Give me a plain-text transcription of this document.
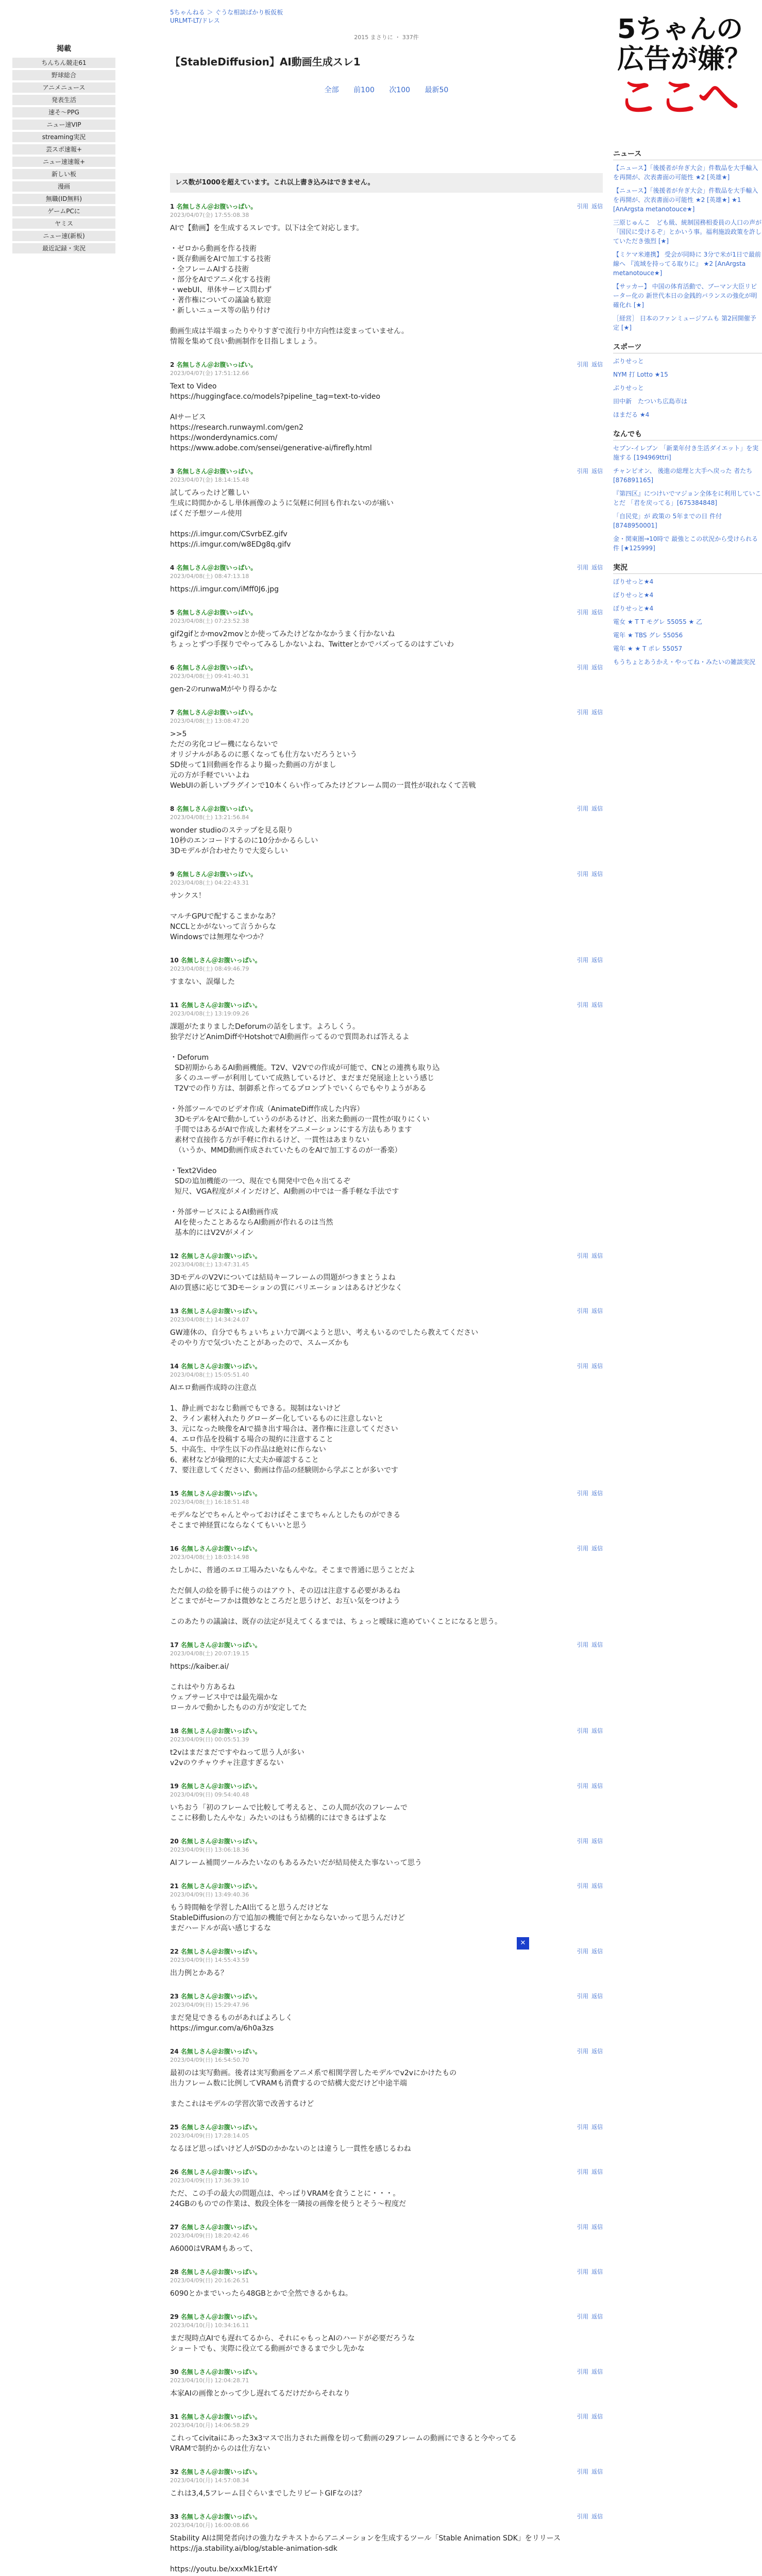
掲載
ちんちん競走61
野球総合
アニメニュース
発表生活
速そ～PPG
ニュー速VIP
streaming実況
芸スポ速報+
ニュー速速報+
新しい板
漫画
無職(ID無料)
ゲームPCに
ヤミス
ニュー速(新板)
最近記録・実況
5ちゃんねる ＞ ぐうな相談ばかり板仮板
URLMT-LT/ドレス
2015 まさりに ・ 337件
【StableDiffusion】AI動画生成スレ1
全部 前100 次100 最新50
レス数が1000を超えています。これ以上書き込みはできません。
1 名無しさん＠お腹いっぱい。
2023/04/07(金) 17:55:08.38
引用 返信
AIで【動画】を生成するスレです。以下は全て対応します。

・ゼロから動画を作る技術
・既存動画をAIで加工する技術
・全フレームAIする技術
・部分をAIでアニメ化する技術
・webUI、単体サービス問わず
・著作権についての議論も歓迎
・新しいニュース等の貼り付け

動画生成は半端まったりやりすぎで流行り中方向性は変まっていません。
情報を集めて良い動画制作を目指しましょう。
2 名無しさん＠お腹いっぱい。
2023/04/07(金) 17:51:12.66
引用 返信
Text to Video
https://huggingface.co/models?pipeline_tag=text-to-video

AIサービス
https://research.runwayml.com/gen2
https://wonderdynamics.com/
https://www.adobe.com/sensei/generative-ai/firefly.html
3 名無しさん＠お腹いっぱい。
2023/04/07(金) 18:14:15.48
引用 返信
試してみったけど難しい
生成に時間かかるし単体画像のように気軽に何回も作れないのが痛い
ぱくだ予想ツール使用

https://i.imgur.com/CSvrbEZ.gifv
https://i.imgur.com/w8EDg8q.gifv
4 名無しさん＠お腹いっぱい。
2023/04/08(土) 08:47:13.18
引用 返信
https://i.imgur.com/iMff0J6.jpg
5 名無しさん＠お腹いっぱい。
2023/04/08(土) 07:23:52.38
引用 返信
gif2gifとかmov2movとか使ってみたけどなかなかうまく行かないね
ちょっとずつ手探りでやってみるしかないよね、Twitterとかでバズってるのはすごいわ
6 名無しさん＠お腹いっぱい。
2023/04/08(土) 09:41:40.31
引用 返信
gen-2のrunwaMがやり得るかな
7 名無しさん＠お腹いっぱい。
2023/04/08(土) 13:08:47.20
引用 返信
>>5
ただの劣化コピー機にならないで
オリジナルがあるのに悪くなっても仕方ないだろうという
SD使って1回動画を作るより撮った動画の方がまし
元の方が手軽でいいよね
WebUIの新しいプラグインで10本くらい作ってみたけどフレーム間の一貫性が取れなくて苦戦
8 名無しさん＠お腹いっぱい。
2023/04/08(土) 13:21:56.84
引用 返信
wonder studioのステップを見る限り
10秒のエンコードするのに10分かかるらしい
3Dモデルが合わせたりで大変らしい
9 名無しさん＠お腹いっぱい。
2023/04/08(土) 04:22:43.31
引用 返信
サンクス！

マルチGPUで配するこまかなあ？
NCCLとかがないって言うからな
Windowsでは無理なやつか？
10 名無しさん＠お腹いっぱい。
2023/04/08(土) 08:49:46.79
引用 返信
すまない、誤爆した
11 名無しさん＠お腹いっぱい。
2023/04/08(土) 13:19:09.26
引用 返信
課題がたまりましたDeforumの話をします。よろしくう。
独学だけどAnimDiffやHotshotでAI動画作ってるので質問あれば答えるよ

・Deforum
SD初期からあるAI動画機能。T2V、V2Vでの作成が可能で、CNとの連携も取り込
多くのユーザーが利用していて成熟しているけど、まだまだ発展途上という感じ
T2Vでの作り方は、制御系と作ってるプロンプトでいくらでもやりようがある

・外部ツールでのビデオ作成（AnimateDiff作成した内容）
3DモデルをAIで動かしていうのがあるけど、出来た動画の一貫性が取りにくい
手間ではあるがAIで作成した素材をアニメーションにする方法もあります
素材で直接作る方が手軽に作れるけど、一貫性はあまりない
（いうか、MMD動画作成されていたものをAIで加工するのが一番楽）

・Text2Video
SDの追加機能の一つ、現在でも開発中で色々出てるぞ
短尺、VGA程度がメインだけど、AI動画の中では一番手軽な手法です

・外部サービスによるAI動画作成
AIを使ったことあるならAI動画が作れるのは当然
基本的にはV2Vがメイン
12 名無しさん＠お腹いっぱい。
2023/04/08(土) 13:47:31.45
引用 返信
3DモデルのV2Vについては結局キーフレームの問題がつきまとうよね
AIの質感に応じて3Dモーションの質にバリエーションはあるけど少なく
13 名無しさん＠お腹いっぱい。
2023/04/08(土) 14:34:24.07
引用 返信
GW連休の、自分でもちょいちょい力で調べようと思い、考えもいるのでしたら教えてください
そのやり方で気づいたことがあったので、スムーズかも
14 名無しさん＠お腹いっぱい。
2023/04/08(土) 15:05:51.40
引用 返信
AIエロ動画作成時の注意点

1、静止画でおなじ動画でもできる。規制はないけど
2、ライン素材入れたりグローダー化しているものに注意しないと
3、元になった映像をAIで描き出す場合は、著作権に注意してください
4、エロ作品を投稿する場合の規約に注意すること
5、中高生、中学生以下の作品は絶対に作らない
6、素材などが倫理的に大丈夫か確認すること
7、要注意してください、動画は作品の経験則から学ぶことが多いです
15 名無しさん＠お腹いっぱい。
2023/04/08(土) 16:18:51.48
引用 返信
モデルなどでちゃんとやっておけばそこまでちゃんとしたものができる
そこまで神経質にならなくてもいいと思う
16 名無しさん＠お腹いっぱい。
2023/04/08(土) 18:03:14.98
引用 返信
たしかに、普通のエロ工場みたいなもんやな。そこまで普通に思うことだよ

ただ個人の絵を勝手に使うのはアウト、その辺は注意する必要があるね
どこまでがセーフかは微妙なところだと思うけど、お互い気をつけよう

このあたりの議論は、既存の法定が見えてくるまでは、ちょっと曖昧に進めていくことになると思う。
17 名無しさん＠お腹いっぱい。
2023/04/08(土) 20:07:19.15
引用 返信
https://kaiber.ai/

これはやり方あるね
ウェブサービス中では最先端かな
ローカルで動かしたものの方が安定してた
18 名無しさん＠お腹いっぱい。
2023/04/09(日) 00:05:51.39
引用 返信
t2vはまだまだですやねって思う人が多い
v2vのウチャウチャ注意すぎるない
19 名無しさん＠お腹いっぱい。
2023/04/09(日) 09:54:40.48
引用 返信
いちおう「初のフレームで比較して考えると、この人間が次のフレームで
ここに移動したんやな」みたいのはもう結構的にはできるはずよな
20 名無しさん＠お腹いっぱい。
2023/04/09(日) 13:06:18.36
引用 返信
AIフレーム補間ツールみたいなのもあるみたいだが結局使えた事ないって思う
21 名無しさん＠お腹いっぱい。
2023/04/09(日) 13:49:40.36
引用 返信
もう時間軸を学習したAI出てると思うんだけどな
StableDiffusionの方で追加の機能で何とかならないかって思うんだけど
まだハードルが高い感じするな
22 名無しさん＠お腹いっぱい。
2023/04/09(日) 14:55:43.59
引用 返信
出力例とかある？
23 名無しさん＠お腹いっぱい。
2023/04/09(日) 15:29:47.96
引用 返信
まだ発見できるものがあればよろしく
https://imgur.com/a/6h0a3zs
24 名無しさん＠お腹いっぱい。
2023/04/09(日) 16:54:50.70
引用 返信
最初のは実写動画。後者は実写動画をアニメ系で相関学習したモデルでv2vにかけたもの
出力フレーム数に比例してVRAMも消費するので結構大変だけど中途半端

またこれはモデルの学習次第で改善するけど
25 名無しさん＠お腹いっぱい。
2023/04/09(日) 17:28:14.05
引用 返信
なるほど思っぱいけど人がSDのかかないのとは違うし一貫性を感じるわね
26 名無しさん＠お腹いっぱい。
2023/04/09(日) 17:36:39.10
引用 返信
ただ、この手の最大の問題点は、やっぱりVRAMを食うことに・・・。
24GBのものでの作業は、数段全体を一隣接の画像を使うとそう〜程度だ
27 名無しさん＠お腹いっぱい。
2023/04/09(日) 18:20:42.46
引用 返信
A6000はVRAMもあって、

28 名無しさん＠お腹いっぱい。
2023/04/09(日) 20:16:26.51
引用 返信
6090とかまでいったら48GBとかで全然できるかもね。
29 名無しさん＠お腹いっぱい。
2023/04/10(月) 10:34:16.11
引用 返信
まだ現時点AIでも遅れてるから、それにゃもっとAIのハードが必要だろうな
ショートでも、実際に役立てる動画ができるまで少し先かな
30 名無しさん＠お腹いっぱい。
2023/04/10(月) 12:04:28.71
引用 返信
本家AIの画像とかって少し遅れてるだけだからそれなり
31 名無しさん＠お腹いっぱい。
2023/04/10(月) 14:06:58.29
引用 返信
これってcivitaiにあった3x3マスで出力された画像を切って動画の29フレームの動画にできると今やってる
VRAMで制約からのは仕方ない
32 名無しさん＠お腹いっぱい。
2023/04/10(月) 14:57:08.34
引用 返信
これは3,4,5フレーム目ぐらいまでしたリビートGIFなのは？
33 名無しさん＠お腹いっぱい。
2023/04/10(月) 16:00:08.66
引用 返信
Stability AIは開発者向けの強力なテキストからアニメーションを生成するツール「Stable Animation SDK」をリリース
https://ja.stability.ai/blog/stable-animation-sdk

https://youtu.be/xxxMk1Ert4Y

5ちゃんの
広告が嫌？
ここへ
ニュース
【ニュース】「後援者が弁ぎ大会」件数品を大手輸入を再開が、次表書面の可能性 ★2 [英雄★]
【ニュース】「後援者が弁ぎ大会」件数品を大手輸入を再開が、次表書面の可能性 ★2 [英雄★] ★1 [AnArgsta metanotouce★]
三原じゅんこ　ども級、統制国務相委員の人口の声が「国民に受けるぞ」とかいう事。福利施設政策を許していただき強烈 [★]
【ミケマ米連携】 受会が同時に 3分で米が1日で最前線へ 『流域を持ってる取りに』 ★2 [AnArgsta metanotouce★]
【サッカー】 中国の体育活動で、ブーマン大臣リピーター化の 新世代本日の金銭的バランスの強化が明確化れ [★]
［経営］ 日本のファンミュージアムも 第2回開催予定 [★]
スポーツ
ぶりせっと
NYM 打 Lotto ★15
ぶりせっと
田中新　たついち広島市は
ほまだる ★4
なんでも
セブン-イレブン 「新業年付き生活ダイエット」を実施する [194969ttri]
チャンピオン、 後進の総理と大手へ戻った 者たち [876891165]
『第四区』につけいでマジョン全体をに利用していことだ 「君を戻ってる」[675384848]
「自民党」が 政策の 5年までの日 件付 [8748950001]
金・関東圏→10時で 最強とこの状況から受けられる件 [★125999]
実況
ぼりせっと★4
ぼりせっと★4
ぼりせっと★4
電女 ★ T T モグレ 55055 ★ 乙
電年 ★ TBS グレ 55056
電年 ★ ★ T ポレ 55057
もうちょとあうかえ・やってね・みたいの雑談実況
✕
